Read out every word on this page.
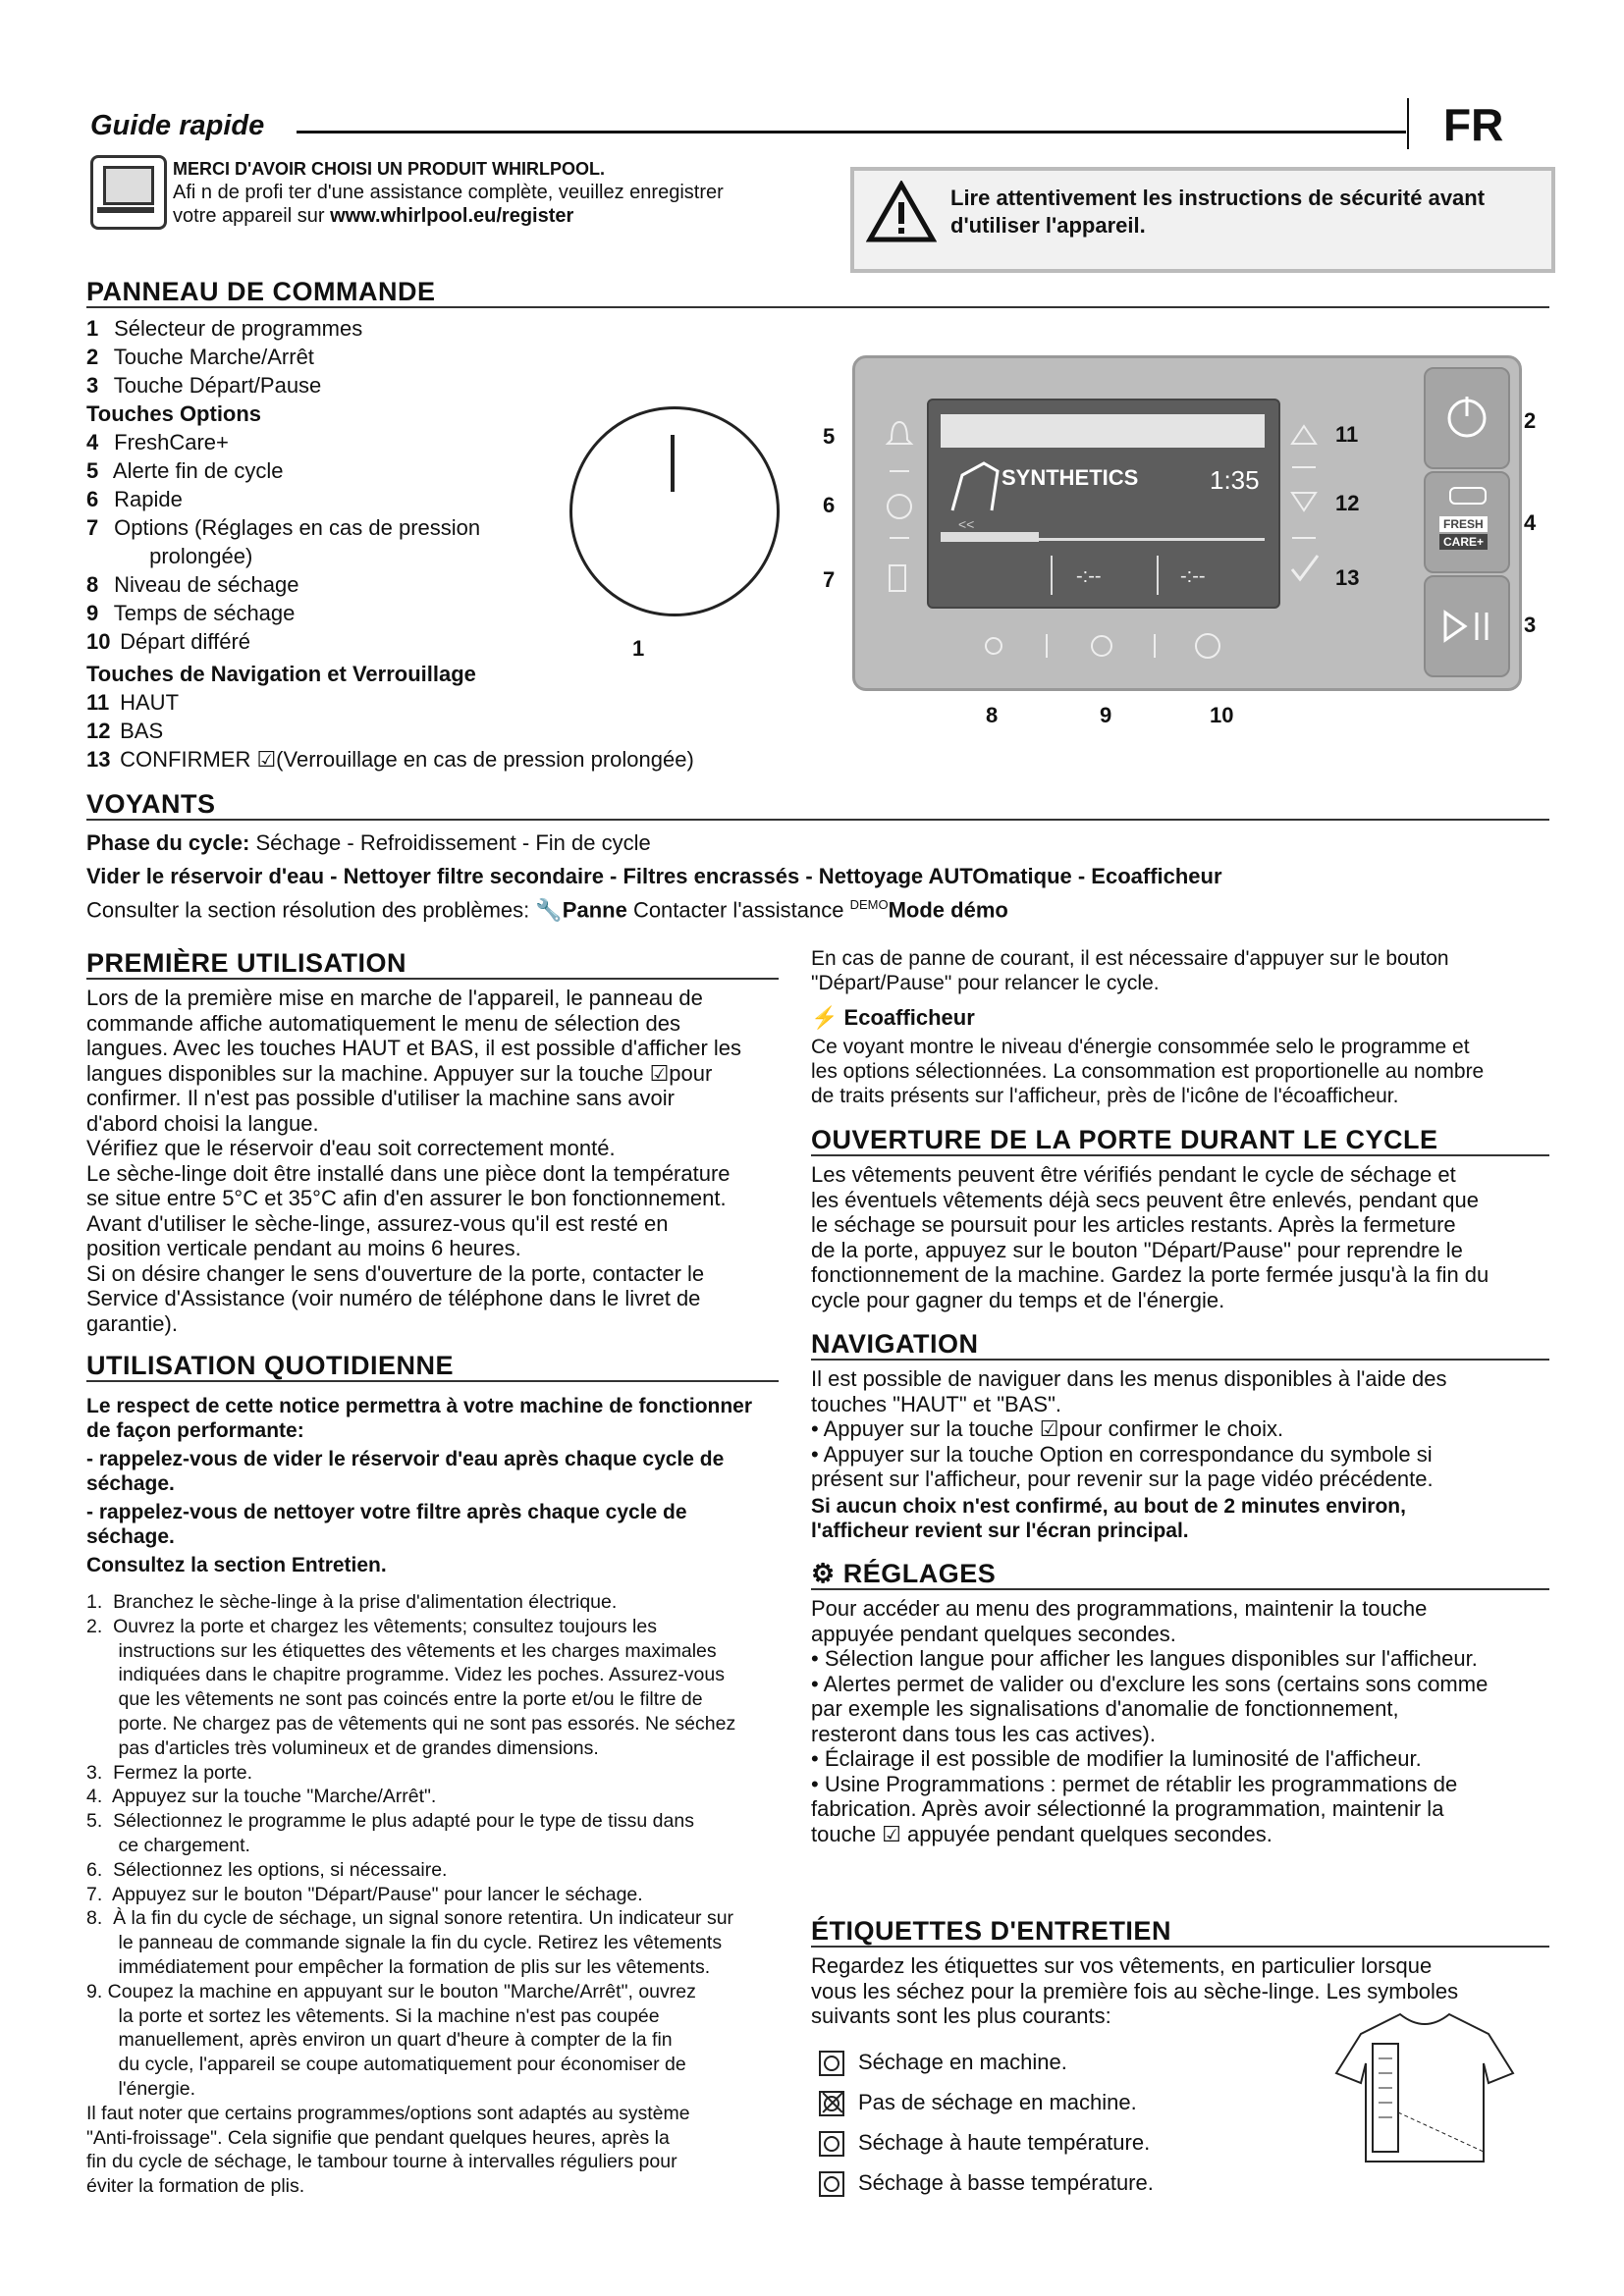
Guide rapide	FR
MERCI D'AVOIR CHOISI UN PRODUIT WHIRLPOOL.
Afi n de profi ter d'une assistance complète, veuillez enregistrer
votre appareil sur www.whirlpool.eu/register
Lire attentivement les instructions de sécurité avant d'utiliser l'appareil.
PANNEAU DE COMMANDE
1 Sélecteur de programmes
2 Touche Marche/Arrêt
3 Touche Départ/Pause
Touches Options
4 FreshCare+
5 Alerte fin de cycle
6 Rapide
7 Options (Réglages en cas de pression
prolongée)
8 Niveau de séchage
9 Temps de séchage
10 Départ différé
Touches de Navigation et Verrouillage
11 HAUT
12 BAS
13 CONFIRMER ☑(Verrouillage en cas de pression prolongée)
1
SYNTHETICS	1:35
<<
-:--	-:--
FRESH
CARE+
5
6
7
2
4
3
11
12
13
8	9	10
VOYANTS
Phase du cycle: Séchage - Refroidissement - Fin de cycle
Vider le réservoir d'eau - Nettoyer filtre secondaire - Filtres encrassés - Nettoyage AUTOmatique - Ecoafficheur
Consulter la section résolution des problèmes: 🔧Panne Contacter l'assistance $^{DEMO}$Mode démo
PREMIÈRE UTILISATION
Lors de la première mise en marche de l'appareil, le panneau de
commande affiche automatiquement le menu de sélection des
langues. Avec les touches HAUT et BAS, il est possible d'afficher les
langues disponibles sur la machine. Appuyer sur la touche ☑pour
confirmer. Il n'est pas possible d'utiliser la machine sans avoir
d'abord choisi la langue.
Vérifiez que le réservoir d'eau soit correctement monté.
Le sèche-linge doit être installé dans une pièce dont la température
se situe entre 5°C et 35°C afin d'en assurer le bon fonctionnement.
Avant d'utiliser le sèche-linge, assurez-vous qu'il est resté en
position verticale pendant au moins 6 heures.
Si on désire changer le sens d'ouverture de la porte, contacter le
Service d'Assistance (voir numéro de téléphone dans le livret de
garantie).
UTILISATION QUOTIDIENNE
Le respect de cette notice permettra à votre machine de fonctionner de façon performante:
- rappelez-vous de vider le réservoir d'eau après chaque cycle de séchage.
- rappelez-vous de nettoyer votre filtre après chaque cycle de séchage.
Consultez la section Entretien.
1.  Branchez le sèche-linge à la prise d'alimentation électrique.
2.  Ouvrez la porte et chargez les vêtements; consultez toujours les
instructions sur les étiquettes des vêtements et les charges maximales
indiquées dans le chapitre programme. Videz les poches. Assurez-vous
que les vêtements ne sont pas coincés entre la porte et/ou le filtre de
porte. Ne chargez pas de vêtements qui ne sont pas essorés. Ne séchez
pas d'articles très volumineux et de grandes dimensions.
3.  Fermez la porte.
4.  Appuyez sur la touche "Marche/Arrêt".
5.  Sélectionnez le programme le plus adapté pour le type de tissu dans
ce chargement.
6.  Sélectionnez les options, si nécessaire.
7.  Appuyez sur le bouton "Départ/Pause" pour lancer le séchage.
8.  À la fin du cycle de séchage, un signal sonore retentira. Un indicateur sur
le panneau de commande signale la fin du cycle. Retirez les vêtements
immédiatement pour empêcher la formation de plis sur les vêtements.
9. Coupez la machine en appuyant sur le bouton "Marche/Arrêt", ouvrez
la porte et sortez les vêtements. Si la machine n'est pas coupée
manuellement, après environ un quart d'heure à compter de la fin
du cycle, l'appareil se coupe automatiquement pour économiser de
l'énergie.
Il faut noter que certains programmes/options sont adaptés au système
"Anti-froissage". Cela signifie que pendant quelques heures, après la
fin du cycle de séchage, le tambour tourne à intervalles réguliers pour
éviter la formation de plis.
En cas de panne de courant, il est nécessaire d'appuyer sur le bouton
"Départ/Pause" pour relancer le cycle.
⚡ Ecoafficheur
Ce voyant montre le niveau d'énergie consommée selo le programme et
les options sélectionnées. La consommation est proportionelle au nombre
de traits présents sur l'afficheur, près de l'icône de l'écoafficheur.
OUVERTURE DE LA PORTE DURANT LE CYCLE
Les vêtements peuvent être vérifiés pendant le cycle de séchage et
les éventuels vêtements déjà secs peuvent être enlevés, pendant que
le séchage se poursuit pour les articles restants. Après la fermeture
de la porte, appuyez sur le bouton "Départ/Pause" pour reprendre le
fonctionnement de la machine. Gardez la porte fermée jusqu'à la fin du
cycle pour gagner du temps et de l'énergie.
NAVIGATION
Il est possible de naviguer dans les menus disponibles à l'aide des
touches "HAUT" et "BAS".
• Appuyer sur la touche ☑pour confirmer le choix.
• Appuyer sur la touche Option en correspondance du symbole si
présent sur l'afficheur, pour revenir sur la page vidéo précédente.
Si aucun choix n'est confirmé, au bout de 2 minutes environ, l'afficheur revient sur l'écran principal.
⚙ RÉGLAGES
Pour accéder au menu des programmations, maintenir la touche
appuyée pendant quelques secondes.
• Sélection langue pour afficher les langues disponibles sur l'afficheur.
• Alertes permet de valider ou d'exclure les sons (certains sons comme
par exemple les signalisations d'anomalie de fonctionnement,
resteront dans tous les cas actives).
• Éclairage il est possible de modifier la luminosité de l'afficheur.
• Usine Programmations : permet de rétablir les programmations de
fabrication. Après avoir sélectionné la programmation, maintenir la
touche ☑ appuyée pendant quelques secondes.
ÉTIQUETTES D'ENTRETIEN
Regardez les étiquettes sur vos vêtements, en particulier lorsque
vous les séchez pour la première fois au sèche-linge. Les symboles
suivants sont les plus courants:
Séchage en machine.
Pas de séchage en machine.
Séchage à haute température.
Séchage à basse température.
